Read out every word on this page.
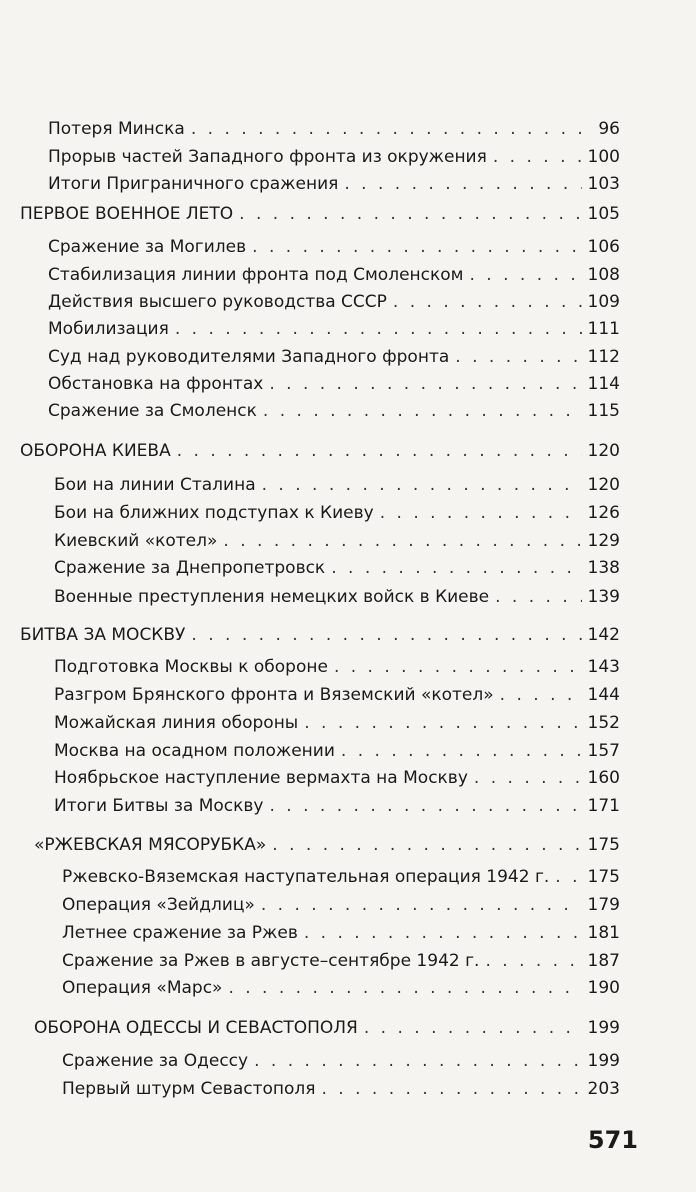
Потеря Минска . . .	96
Прорыв частей Западного фронта из окружения . . .	100
Итоги Приграничного сражения . . .	103
ПЕРВОЕ ВОЕННОЕ ЛЕТО . . .	105
Сражение за Могилев . . .	106
Стабилизация линии фронта под Смоленском . . .	108
Действия высшего руководства СССР . . .	109
Мобилизация . . .	111
Суд над руководителями Западного фронта . . .	112
Обстановка на фронтах . . .	114
Сражение за Смоленск . . .	115
ОБОРОНА КИЕВА . . .	120
Бои на линии Сталина . . .	120
Бои на ближних подступах к Киеву . . .	126
Киевский «котел» . . .	129
Сражение за Днепропетровск . . .	138
Военные преступления немецких войск в Киеве . . .	139
БИТВА ЗА МОСКВУ . . .	142
Подготовка Москвы к обороне . . .	143
Разгром Брянского фронта и Вяземский «котел» . . .	144
Можайская линия обороны . . .	152
Москва на осадном положении . . .	157
Ноябрьское наступление вермахта на Москву . . .	160
Итоги Битвы за Москву . . .	171
«РЖЕВСКАЯ МЯСОРУБКА» . . .	175
Ржевско-Вяземская наступательная операция 1942 г. . . . 175
Операция «Зейдлиц» . . .	179
Летнее сражение за Ржев . . .	181
Сражение за Ржев в августе–сентябре 1942 г. . . .	187
Операция «Марс» . . .	190
ОБОРОНА ОДЕССЫ И СЕВАСТОПОЛЯ . . .	199
Сражение за Одессу . . .	199
Первый штурм Севастополя . . .	203
571
